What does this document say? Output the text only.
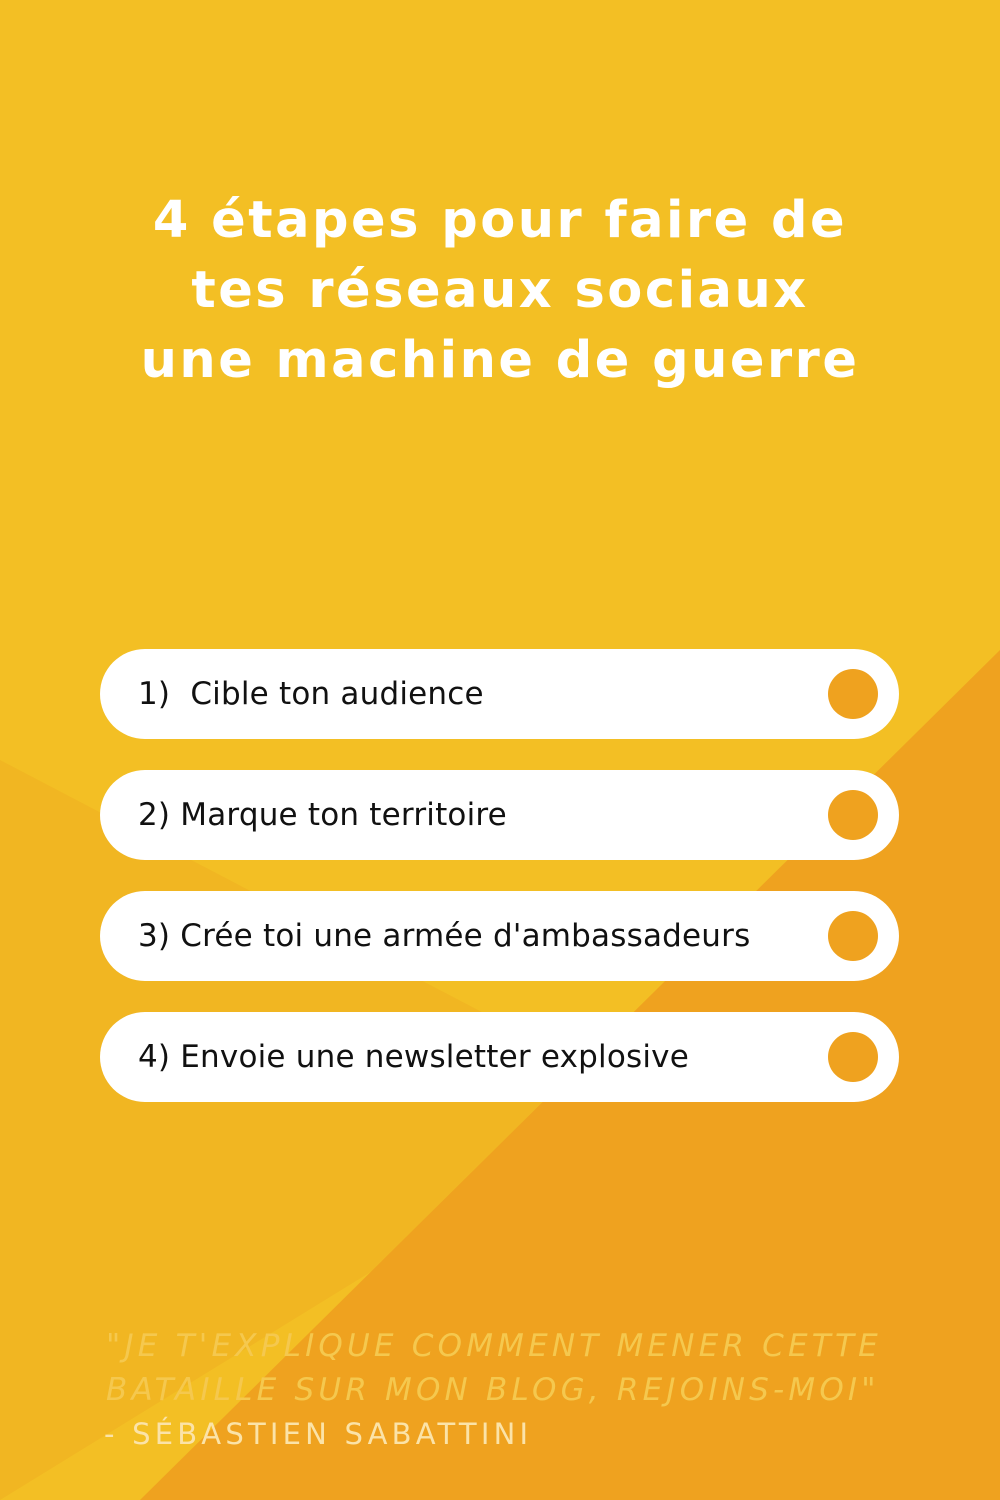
4 étapes pour faire de
tes réseaux sociaux
une machine de guerre
1)  Cible ton audience
2) Marque ton territoire
3) Crée toi une armée d'ambassadeurs
4) Envoie une newsletter explosive
"JE T'EXPLIQUE COMMENT MENER CETTE
BATAILLE SUR MON BLOG, REJOINS-MOI"
- SÉBASTIEN SABATTINI
